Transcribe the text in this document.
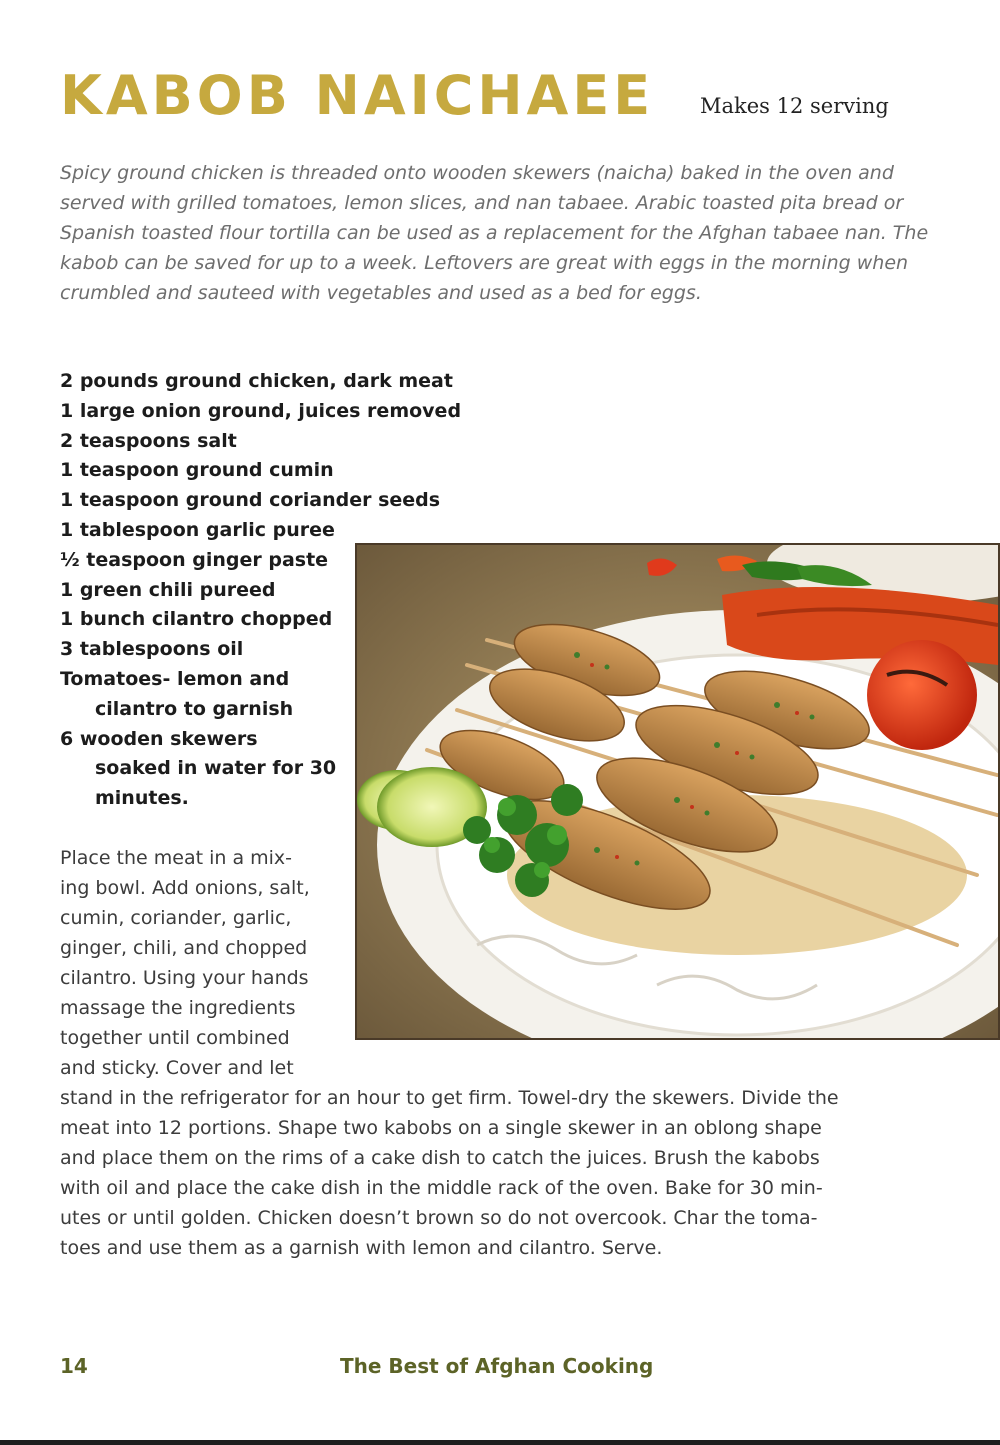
KABOB NAICHAEE Makes 12 serving

Spicy ground chicken is threaded onto wooden skewers (naicha) baked in the oven and served with grilled tomatoes, lemon slices, and nan tabaee. Arabic toasted pita bread or Spanish toasted flour tortilla can be used as a replacement for the Afghan tabaee nan. The kabob can be saved for up to a week. Leftovers are great with eggs in the morning when crumbled and sauteed with vegetables and used as a bed for eggs.

2 pounds ground chicken, dark meat
1 large onion ground, juices removed
2 teaspoons salt
1 teaspoon ground cumin
1 teaspoon ground coriander seeds
1 tablespoon garlic puree
½ teaspoon ginger paste
1 green chili pureed
1 bunch cilantro chopped
3 tablespoons oil
Tomatoes- lemon and
cilantro to garnish
6 wooden skewers
soaked in water for 30
minutes.
Place the meat in a mix-
ing bowl. Add onions, salt,
cumin, coriander, garlic,
ginger, chili, and chopped
cilantro. Using your hands
massage the ingredients
together until combined
and sticky. Cover and let
stand in the refrigerator for an hour to get firm. Towel-dry the skewers. Divide the
meat into 12 portions. Shape two kabobs on a single skewer in an oblong shape
and place them on the rims of a cake dish to catch the juices. Brush the kabobs
with oil and place the cake dish in the middle rack of the oven. Bake for 30 min-
utes or until golden. Chicken doesn’t brown so do not overcook. Char the toma-
toes and use them as a garnish with lemon and cilantro. Serve.
14	The Best of Afghan Cooking
